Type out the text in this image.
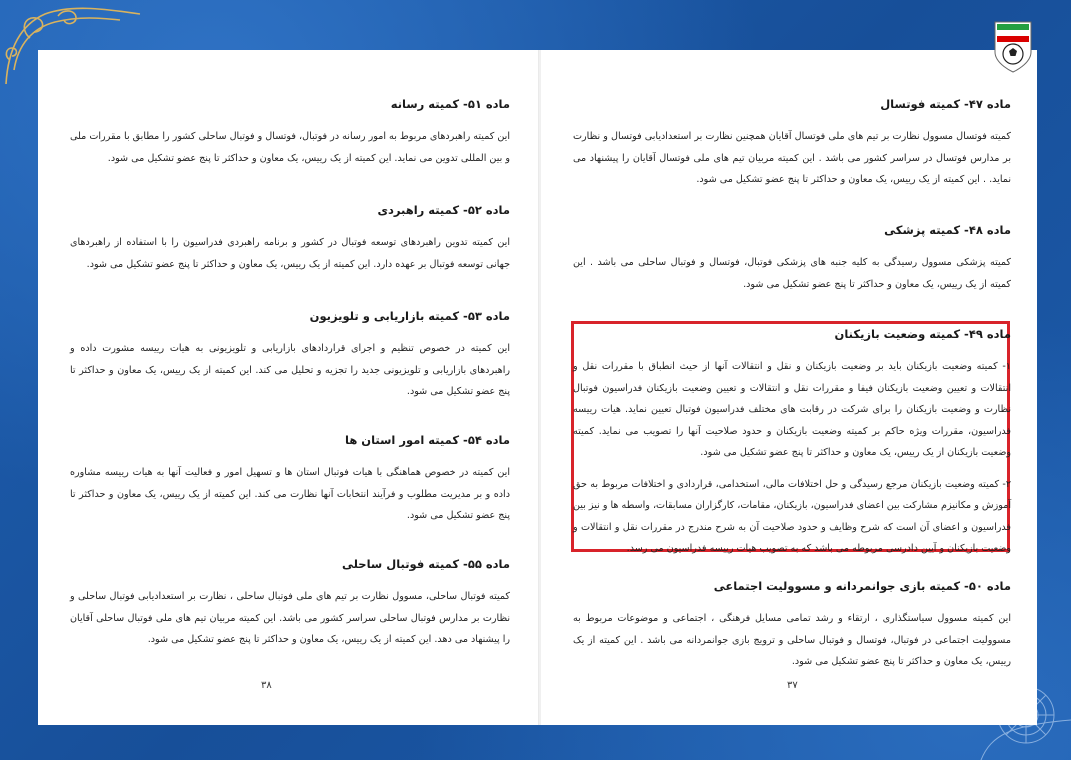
ماده ۵۱- کمیته رسانه

این کمیته راهبردهای مربوط به امور رسانه در فوتبال، فوتسال و فوتبال ساحلی کشور را مطابق با مقررات ملی و بین المللی تدوین می نماید. این کمیته از یک رییس، یک معاون و حداکثر تا پنج عضو تشکیل می شود.

ماده ۵۲- کمیته راهبردی

این کمیته تدوین راهبردهای توسعه فوتبال در کشور و برنامه راهبردی فدراسیون را با استفاده از راهبردهای جهانی توسعه فوتبال بر عهده دارد. این کمیته از یک رییس، یک معاون و حداکثر تا پنج عضو تشکیل می شود.

ماده ۵۳- کمیته بازاریابی و تلویزیون

این کمیته در خصوص تنظیم و اجرای قراردادهای بازاریابی و تلویزیونی به هیات رییسه مشورت داده و راهبردهای بازاریابی و تلویزیونی جدید را تجزیه و تحلیل می کند. این کمیته از یک رییس، یک معاون و حداکثر تا پنج عضو تشکیل می شود.

ماده ۵۴- کمیته امور استان ها

این کمیته در خصوص هماهنگی با هیات فوتبال استان ها و تسهیل امور و فعالیت آنها به هیات رییسه مشاوره داده و بر مدیریت مطلوب و فرآیند انتخابات آنها نظارت می کند. این کمیته از یک رییس، یک معاون و حداکثر تا پنج عضو تشکیل می شود.

ماده ۵۵- کمیته فوتبال ساحلی

کمیته فوتبال ساحلی، مسوول نظارت بر تیم های ملی فوتبال ساحلی ، نظارت بر استعدادیابی فوتبال ساحلی و نظارت بر مدارس فوتبال ساحلی سراسر کشور می باشد. این کمیته مربیان تیم های ملی فوتبال ساحلی آقایان را پیشنهاد می دهد. این کمیته از یک رییس، یک معاون و حداکثر تا پنج عضو تشکیل می شود.

۳۸
ماده ۴۷- کمیته فوتسال

کمیته فوتسال مسوول نظارت بر تیم های ملی فوتسال آقایان همچنین نظارت بر استعدادیابی فوتسال و نظارت بر مدارس فوتسال در سراسر کشور می باشد . این کمیته مربیان تیم های ملی فوتسال آقایان را پیشنهاد می نماید. . این کمیته از یک رییس، یک معاون و حداکثر تا پنج عضو تشکیل می شود.

ماده ۴۸- کمیته پزشکی

کمیته پزشکی مسوول رسیدگی به کلیه جنبه های پزشکی فوتبال، فوتسال و فوتبال ساحلی می باشد . این کمیته از یک رییس، یک معاون و حداکثر تا پنج عضو تشکیل می شود.

ماده ۴۹- کمیته وضعیت بازیکنان

۱- کمیته وضعیت بازیکنان باید بر وضعیت بازیکنان و نقل و انتقالات آنها از حیث انطباق با مقررات نقل و انتقالات و تعیین وضعیت بازیکنان فیفا و مقررات نقل و انتقالات و تعیین وضعیت بازیکنان فدراسیون فوتبال نظارت و وضعیت بازیکنان را برای شرکت در رقابت های مختلف فدراسیون فوتبال تعیین نماید. هیات رییسه فدراسیون، مقررات ویژه حاکم بر کمیته وضعیت بازیکنان و حدود صلاحیت آنها را تصویب می نماید. کمیته وضعیت بازیکنان از یک رییس، یک معاون و حداکثر تا پنج عضو تشکیل می شود.

۲- کمیته وضعیت بازیکنان مرجع رسیدگی و حل اختلافات مالی، استخدامی، قراردادی و اختلافات مربوط به حق آموزش و مکانیزم مشارکت بین اعضای فدراسیون، بازیکنان، مقامات، کارگزاران مسابقات، واسطه ها و نیز بین فدراسیون و اعضای آن است که شرح وظایف و حدود صلاحیت آن به شرح مندرج در مقررات نقل و انتقالات و وضعیت بازیکنان و آیین دادرسی مربوطه می باشد که به تصویب هیات رییسه فدراسیون می رسد.

ماده ۵۰- کمیته بازی جوانمردانه و مسوولیت اجتماعی

این کمیته مسوول سیاستگذاری ، ارتقاء و رشد تمامی مسایل فرهنگی ، اجتماعی و موضوعات مربوط به مسوولیت اجتماعی در فوتبال، فوتسال و فوتبال ساحلی و ترویج بازی جوانمردانه می باشد . این کمیته از یک رییس، یک معاون و حداکثر تا پنج عضو تشکیل می شود.

۳۷
